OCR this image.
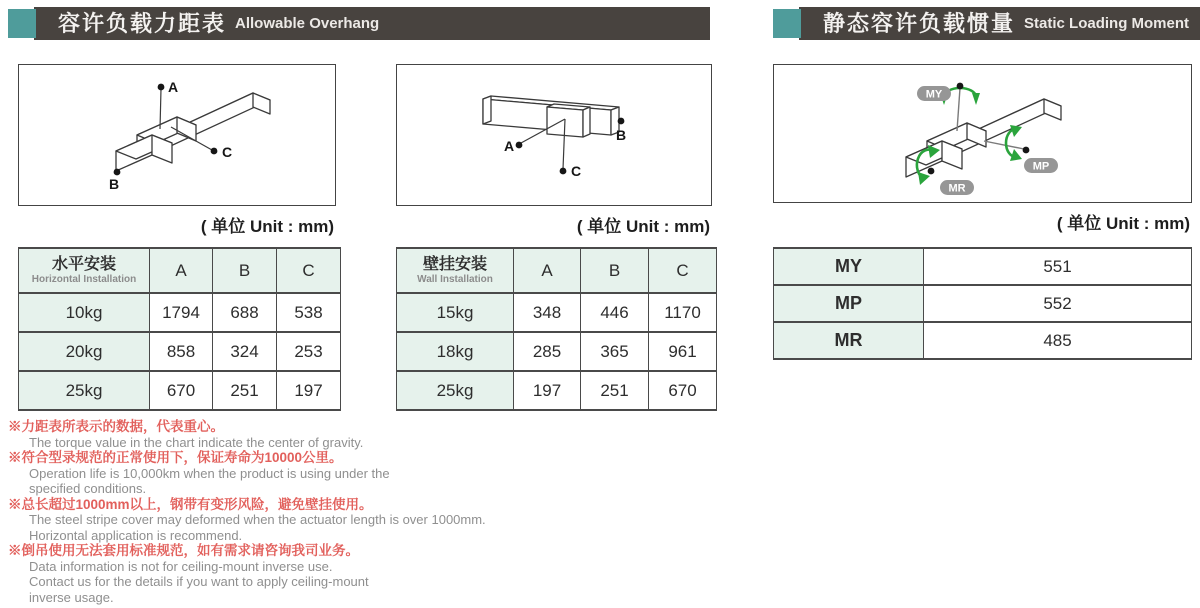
容许负载力距表 Allowable Overhang
A
B
C
( 单位 Unit : mm)
A
B
C
( 单位 Unit : mm)
水平安装
Horizontal Installation	A	B	C
10kg	1794	688	538
20kg	858	324	253
25kg	670	251	197
壁挂安装
Wall Installation	A	B	C
15kg	348	446	1170
18kg	285	365	961
25kg	197	251	670
※力距表所表示的数据，代表重心。
The torque value in the chart indicate the center of gravity.
※符合型录规范的正常使用下，保证寿命为10000公里。
Operation life is 10,000km when the product is using under the
specified conditions.
※总长超过1000mm以上，钢带有变形风险，避免壁挂使用。
The steel stripe cover may deformed when the actuator length is over 1000mm.
Horizontal application is recommend.
※倒吊使用无法套用标准规范，如有需求请咨询我司业务。
Data information is not for ceiling-mount inverse use.
Contact us for the details if you want to apply ceiling-mount
inverse usage.
静态容许负载惯量 Static Loading Moment
MY
MP
MR
( 单位 Unit : mm)
MY	551
MP	552
MR	485
